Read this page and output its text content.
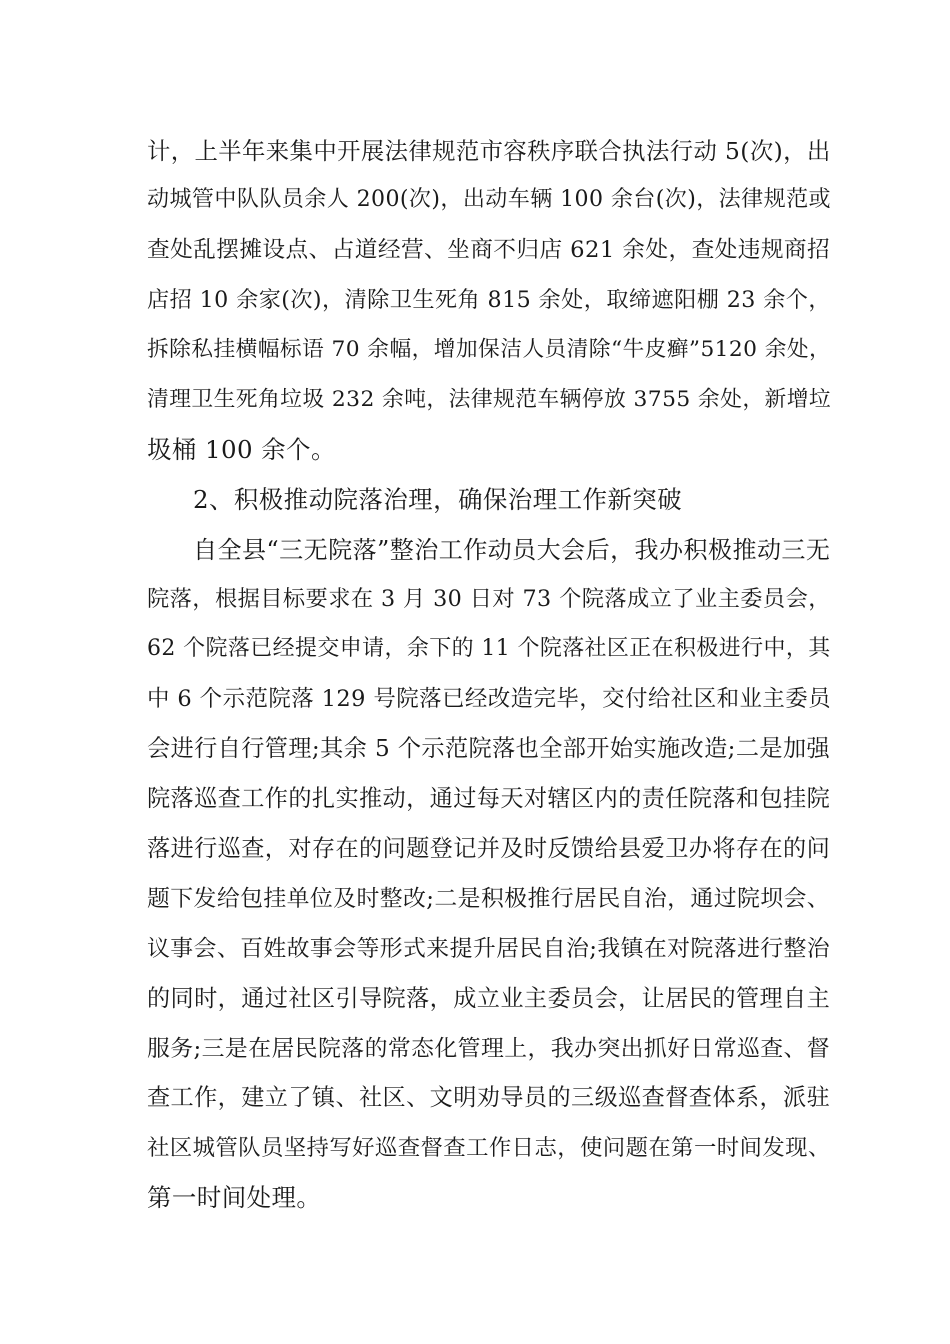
计，上半年来集中开展法律规范市容秩序联合执法行动 5(次)，出
动城管中队队员余人 200(次)，出动车辆 100 余台(次)，法律规范或
查处乱摆摊设点、占道经营、坐商不归店 621 余处，查处违规商招
店招 10 余家(次)，清除卫生死角 815 余处，取缔遮阳棚 23 余个，
拆除私挂横幅标语 70 余幅，增加保洁人员清除“牛皮癣”5120 余处，
清理卫生死角垃圾 232 余吨，法律规范车辆停放 3755 余处，新增垃
圾桶 100 余个。
2、积极推动院落治理，确保治理工作新突破
自全县“三无院落”整治工作动员大会后，我办积极推动三无
院落，根据目标要求在 3 月 30 日对 73 个院落成立了业主委员会，
62 个院落已经提交申请，余下的 11 个院落社区正在积极进行中，其
中 6 个示范院落 129 号院落已经改造完毕，交付给社区和业主委员
会进行自行管理;其余 5 个示范院落也全部开始实施改造;二是加强
院落巡查工作的扎实推动，通过每天对辖区内的责任院落和包挂院
落进行巡查，对存在的问题登记并及时反馈给县爱卫办将存在的问
题下发给包挂单位及时整改;二是积极推行居民自治，通过院坝会、
议事会、百姓故事会等形式来提升居民自治;我镇在对院落进行整治
的同时，通过社区引导院落，成立业主委员会，让居民的管理自主
服务;三是在居民院落的常态化管理上，我办突出抓好日常巡查、督
查工作，建立了镇、社区、文明劝导员的三级巡查督查体系，派驻
社区城管队员坚持写好巡查督查工作日志，使问题在第一时间发现、
第一时间处理。
